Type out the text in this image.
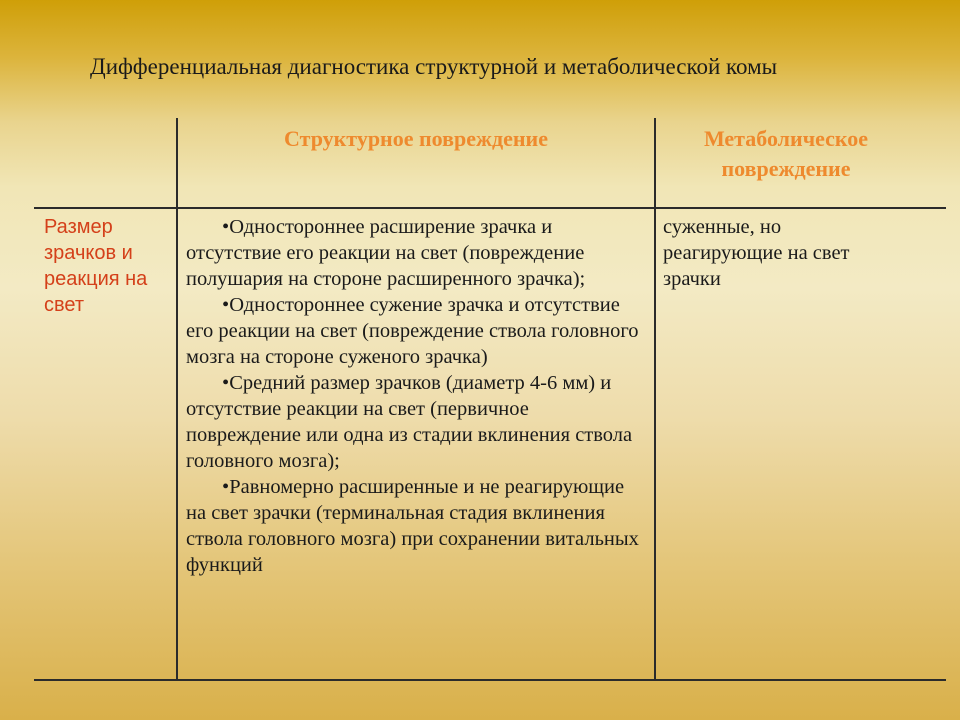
Дифференциальная диагностика структурной и метаболической комы
Структурное повреждение	Метаболическое повреждение
Размер зрачков и реакция на свет

•Одностороннее расширение зрачка и отсутствие его реакции на свет (повреждение полушария на стороне расширенного зрачка);

•Одностороннее сужение зрачка и отсутствие его реакции на свет (повреждение ствола головного мозга на стороне суженого зрачка)

•Средний размер зрачков (диаметр 4-6 мм) и отсутствие реакции на свет (первичное повреждение или одна из стадии вклинения ствола головного мозга);

•Равномерно расширенные и не реагирующие на свет зрачки (терминальная стадия вклинения ствола головного мозга) при сохранении витальных функций

суженные, но реагирующие на свет зрачки
